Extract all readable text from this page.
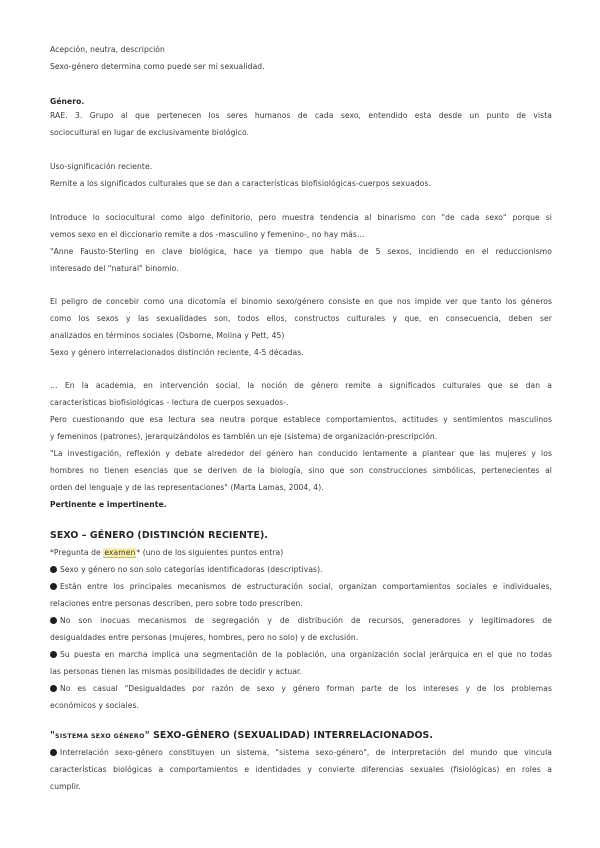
Acepción, neutra, descripción
Sexo-género determina como puede ser mi sexualidad.
Género.
RAE. 3. Grupo al que pertenecen los seres humanos de cada sexo, entendido esta desde un punto de vista
sociocultural en lugar de exclusivamente biológico.
Uso-significación reciente.
Remite a los significados culturales que se dan a características biofisiológicas-cuerpos sexuados.
Introduce lo sociocultural como algo definitorio, pero muestra tendencia al binarismo con "de cada sexo" porque si
vemos sexo en el diccionario remite a dos -masculino y femenino-, no hay más…
"Anne Fausto-Sterling en clave biológica, hace ya tiempo que habla de 5 sexos, incidiendo en el reduccionismo
interesado del "natural" binomio.
El peligro de concebir como una dicotomía el binomio sexo/género consiste en que nos impide ver que tanto los géneros
como los sexos y las sexualidades son, todos ellos, constructos culturales y que, en consecuencia, deben ser
analizados en términos sociales (Osborne, Molina y Pett, 45)
Sexo y género interrelacionados distinción reciente, 4-5 décadas.
… En la academia, en intervención social, la noción de género remite a significados culturales que se dan a
características biofisiológicas - lectura de cuerpos sexuados-.
Pero cuestionando que esa lectura sea neutra porque establece comportamientos, actitudes y sentimientos masculinos
y femeninos (patrones), jerarquizándolos es también un eje (sistema) de organización-prescripción.
"La investigación, reflexión y debate alrededor del género han conducido lentamente a plantear que las mujeres y los
hombres no tienen esencias que se deriven de la biología, sino que son construcciones simbólicas, pertenecientes al
orden del lenguaje y de las representaciones" (Marta Lamas, 2004, 4).
Pertinente e impertinente.
SEXO – GÉNERO (DISTINCIÓN RECIENTE).
*Pregunta de examen* (uno de los siguientes puntos entra)
Sexo y género no son solo categorías identificadoras (descriptivas).
Están entre los principales mecanismos de estructuración social, organizan comportamientos sociales e individuales,
relaciones entre personas describen, pero sobre todo prescriben.
No son inocuas mecanismos de segregación y de distribución de recursos, generadores y legitimadores de
desigualdades entre personas (mujeres, hombres, pero no solo) y de exclusión.
Su puesta en marcha implica una segmentación de la población, una organización social jerárquica en el que no todas
las personas tienen las mismas posibilidades de decidir y actuar.
No es casual "Desigualdades por razón de sexo y género forman parte de los intereses y de los problemas
económicos y sociales.
"SISTEMA SEXO GÉNERO" SEXO-GÉNERO (SEXUALIDAD) INTERRELACIONADOS.
Interrelación sexo-género constituyen un sistema, "sistema sexo-género", de interpretación del mundo que vincula
características biológicas a comportamientos e identidades y convierte diferencias sexuales (fisiológicas) en roles a
cumplir.
